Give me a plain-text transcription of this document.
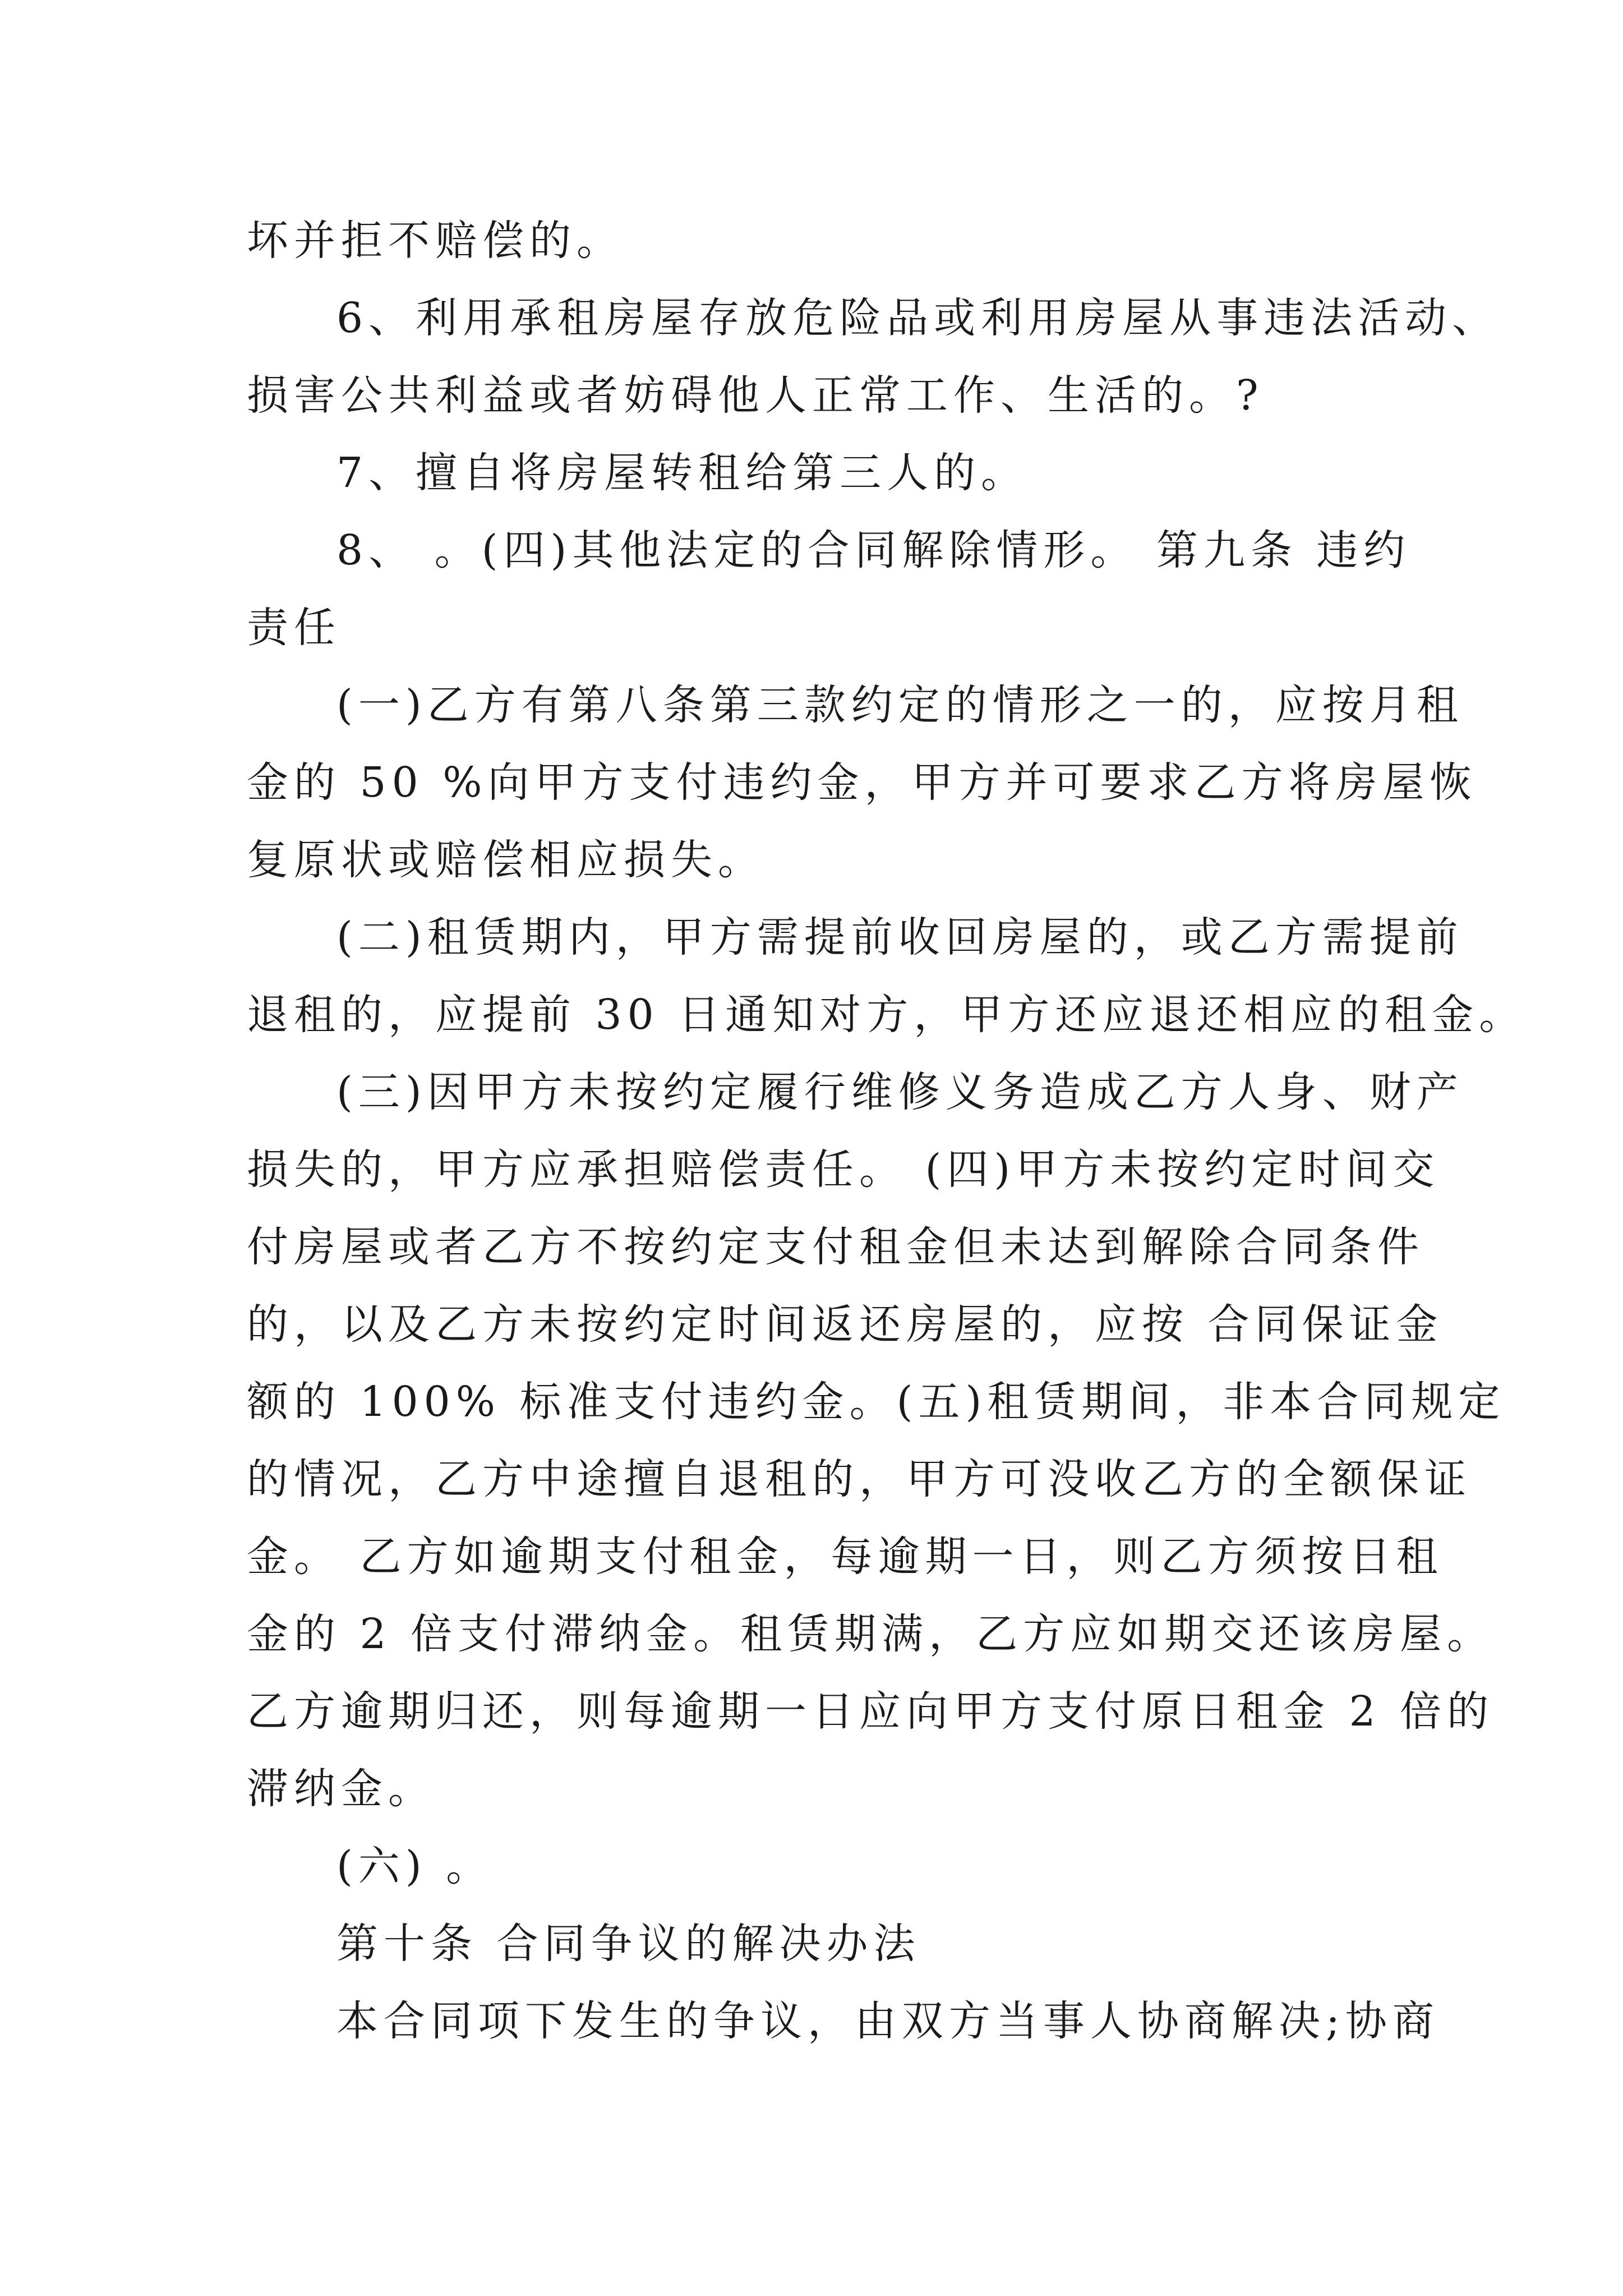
坏并拒不赔偿的。
6、利用承租房屋存放危险品或利用房屋从事违法活动、
损害公共利益或者妨碍他人正常工作、生活的。?
7、擅自将房屋转租给第三人的。
8、 。(四)其他法定的合同解除情形。 第九条 违约
责任
(一)乙方有第八条第三款约定的情形之一的，应按月租
金的 50 %向甲方支付违约金，甲方并可要求乙方将房屋恢
复原状或赔偿相应损失。
(二)租赁期内，甲方需提前收回房屋的，或乙方需提前
退租的，应提前 30 日通知对方，甲方还应退还相应的租金。
(三)因甲方未按约定履行维修义务造成乙方人身、财产
损失的，甲方应承担赔偿责任。 (四)甲方未按约定时间交
付房屋或者乙方不按约定支付租金但未达到解除合同条件
的，以及乙方未按约定时间返还房屋的，应按 合同保证金
额的 100% 标准支付违约金。(五)租赁期间，非本合同规定
的情况，乙方中途擅自退租的，甲方可没收乙方的全额保证
金。 乙方如逾期支付租金，每逾期一日，则乙方须按日租
金的 2 倍支付滞纳金。租赁期满，乙方应如期交还该房屋。
乙方逾期归还，则每逾期一日应向甲方支付原日租金 2 倍的
滞纳金。
(六) 。
第十条 合同争议的解决办法
本合同项下发生的争议，由双方当事人协商解决;协商
